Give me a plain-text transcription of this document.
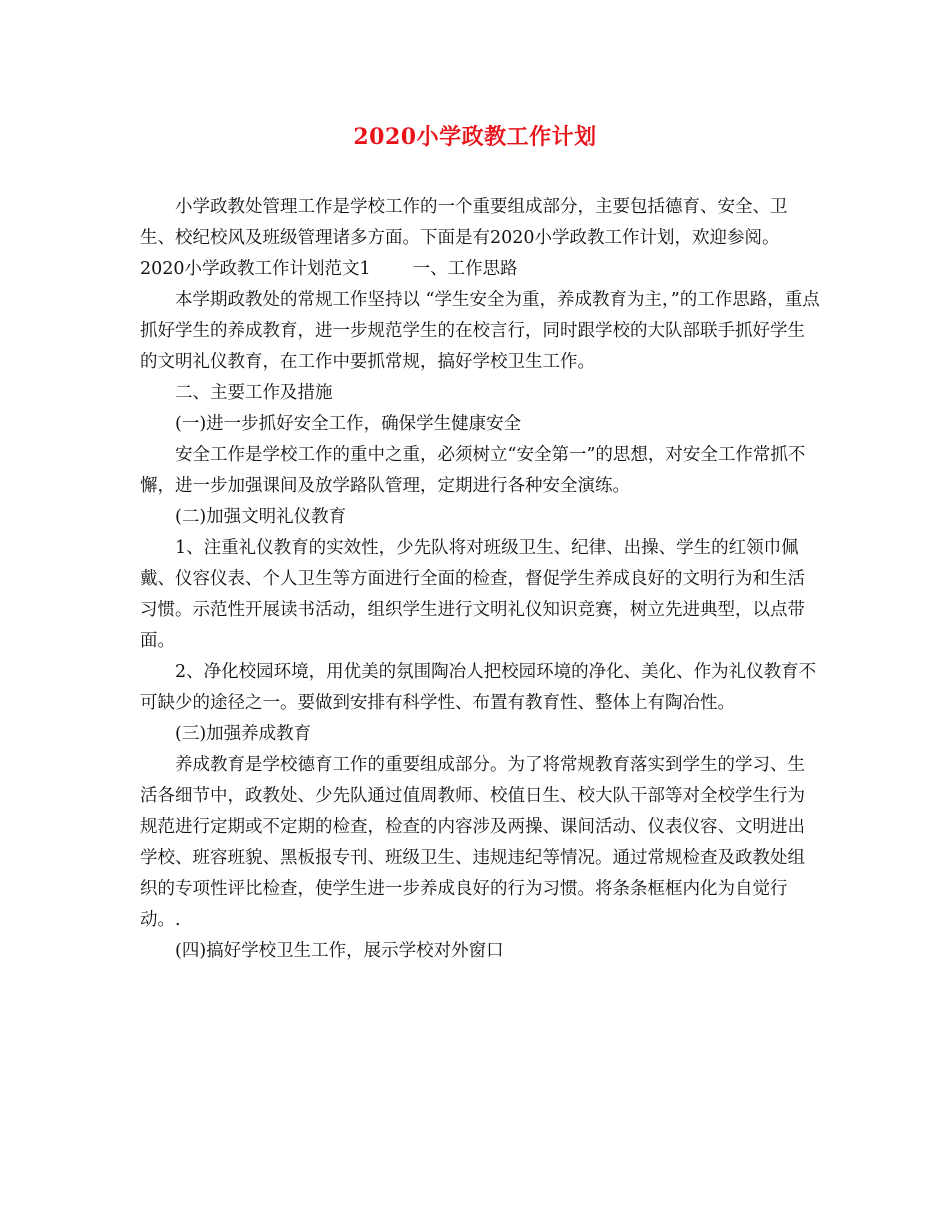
2020小学政教工作计划

小学政教处管理工作是学校工作的一个重要组成部分，主要包括德育、安全、卫生、校纪校风及班级管理诸多方面。下面是有2020小学政教工作计划，欢迎参阅。

2020小学政教工作计划范文1 一、工作思路

本学期政教处的常规工作坚持以 “学生安全为重，养成教育为主，”的工作思路，重点抓好学生的养成教育，进一步规范学生的在校言行，同时跟学校的大队部联手抓好学生的文明礼仪教育，在工作中要抓常规，搞好学校卫生工作。

二、主要工作及措施

(一)进一步抓好安全工作，确保学生健康安全

安全工作是学校工作的重中之重，必须树立“安全第一”的思想，对安全工作常抓不懈，进一步加强课间及放学路队管理，定期进行各种安全演练。

(二)加强文明礼仪教育

1、注重礼仪教育的实效性，少先队将对班级卫生、纪律、出操、学生的红领巾佩戴、仪容仪表、个人卫生等方面进行全面的检查，督促学生养成良好的文明行为和生活习惯。示范性开展读书活动，组织学生进行文明礼仪知识竞赛，树立先进典型，以点带面。

2、净化校园环境，用优美的氛围陶冶人把校园环境的净化、美化、作为礼仪教育不可缺少的途径之一。要做到安排有科学性、布置有教育性、整体上有陶冶性。

(三)加强养成教育

养成教育是学校德育工作的重要组成部分。为了将常规教育落实到学生的学习、生活各细节中，政教处、少先队通过值周教师、校值日生、校大队干部等对全校学生行为规范进行定期或不定期的检查，检查的内容涉及两操、课间活动、仪表仪容、文明进出学校、班容班貌、黑板报专刊、班级卫生、违规违纪等情况。通过常规检查及政教处组织的专项性评比检查，使学生进一步养成良好的行为习惯。将条条框框内化为自觉行动。.

(四)搞好学校卫生工作，展示学校对外窗口
